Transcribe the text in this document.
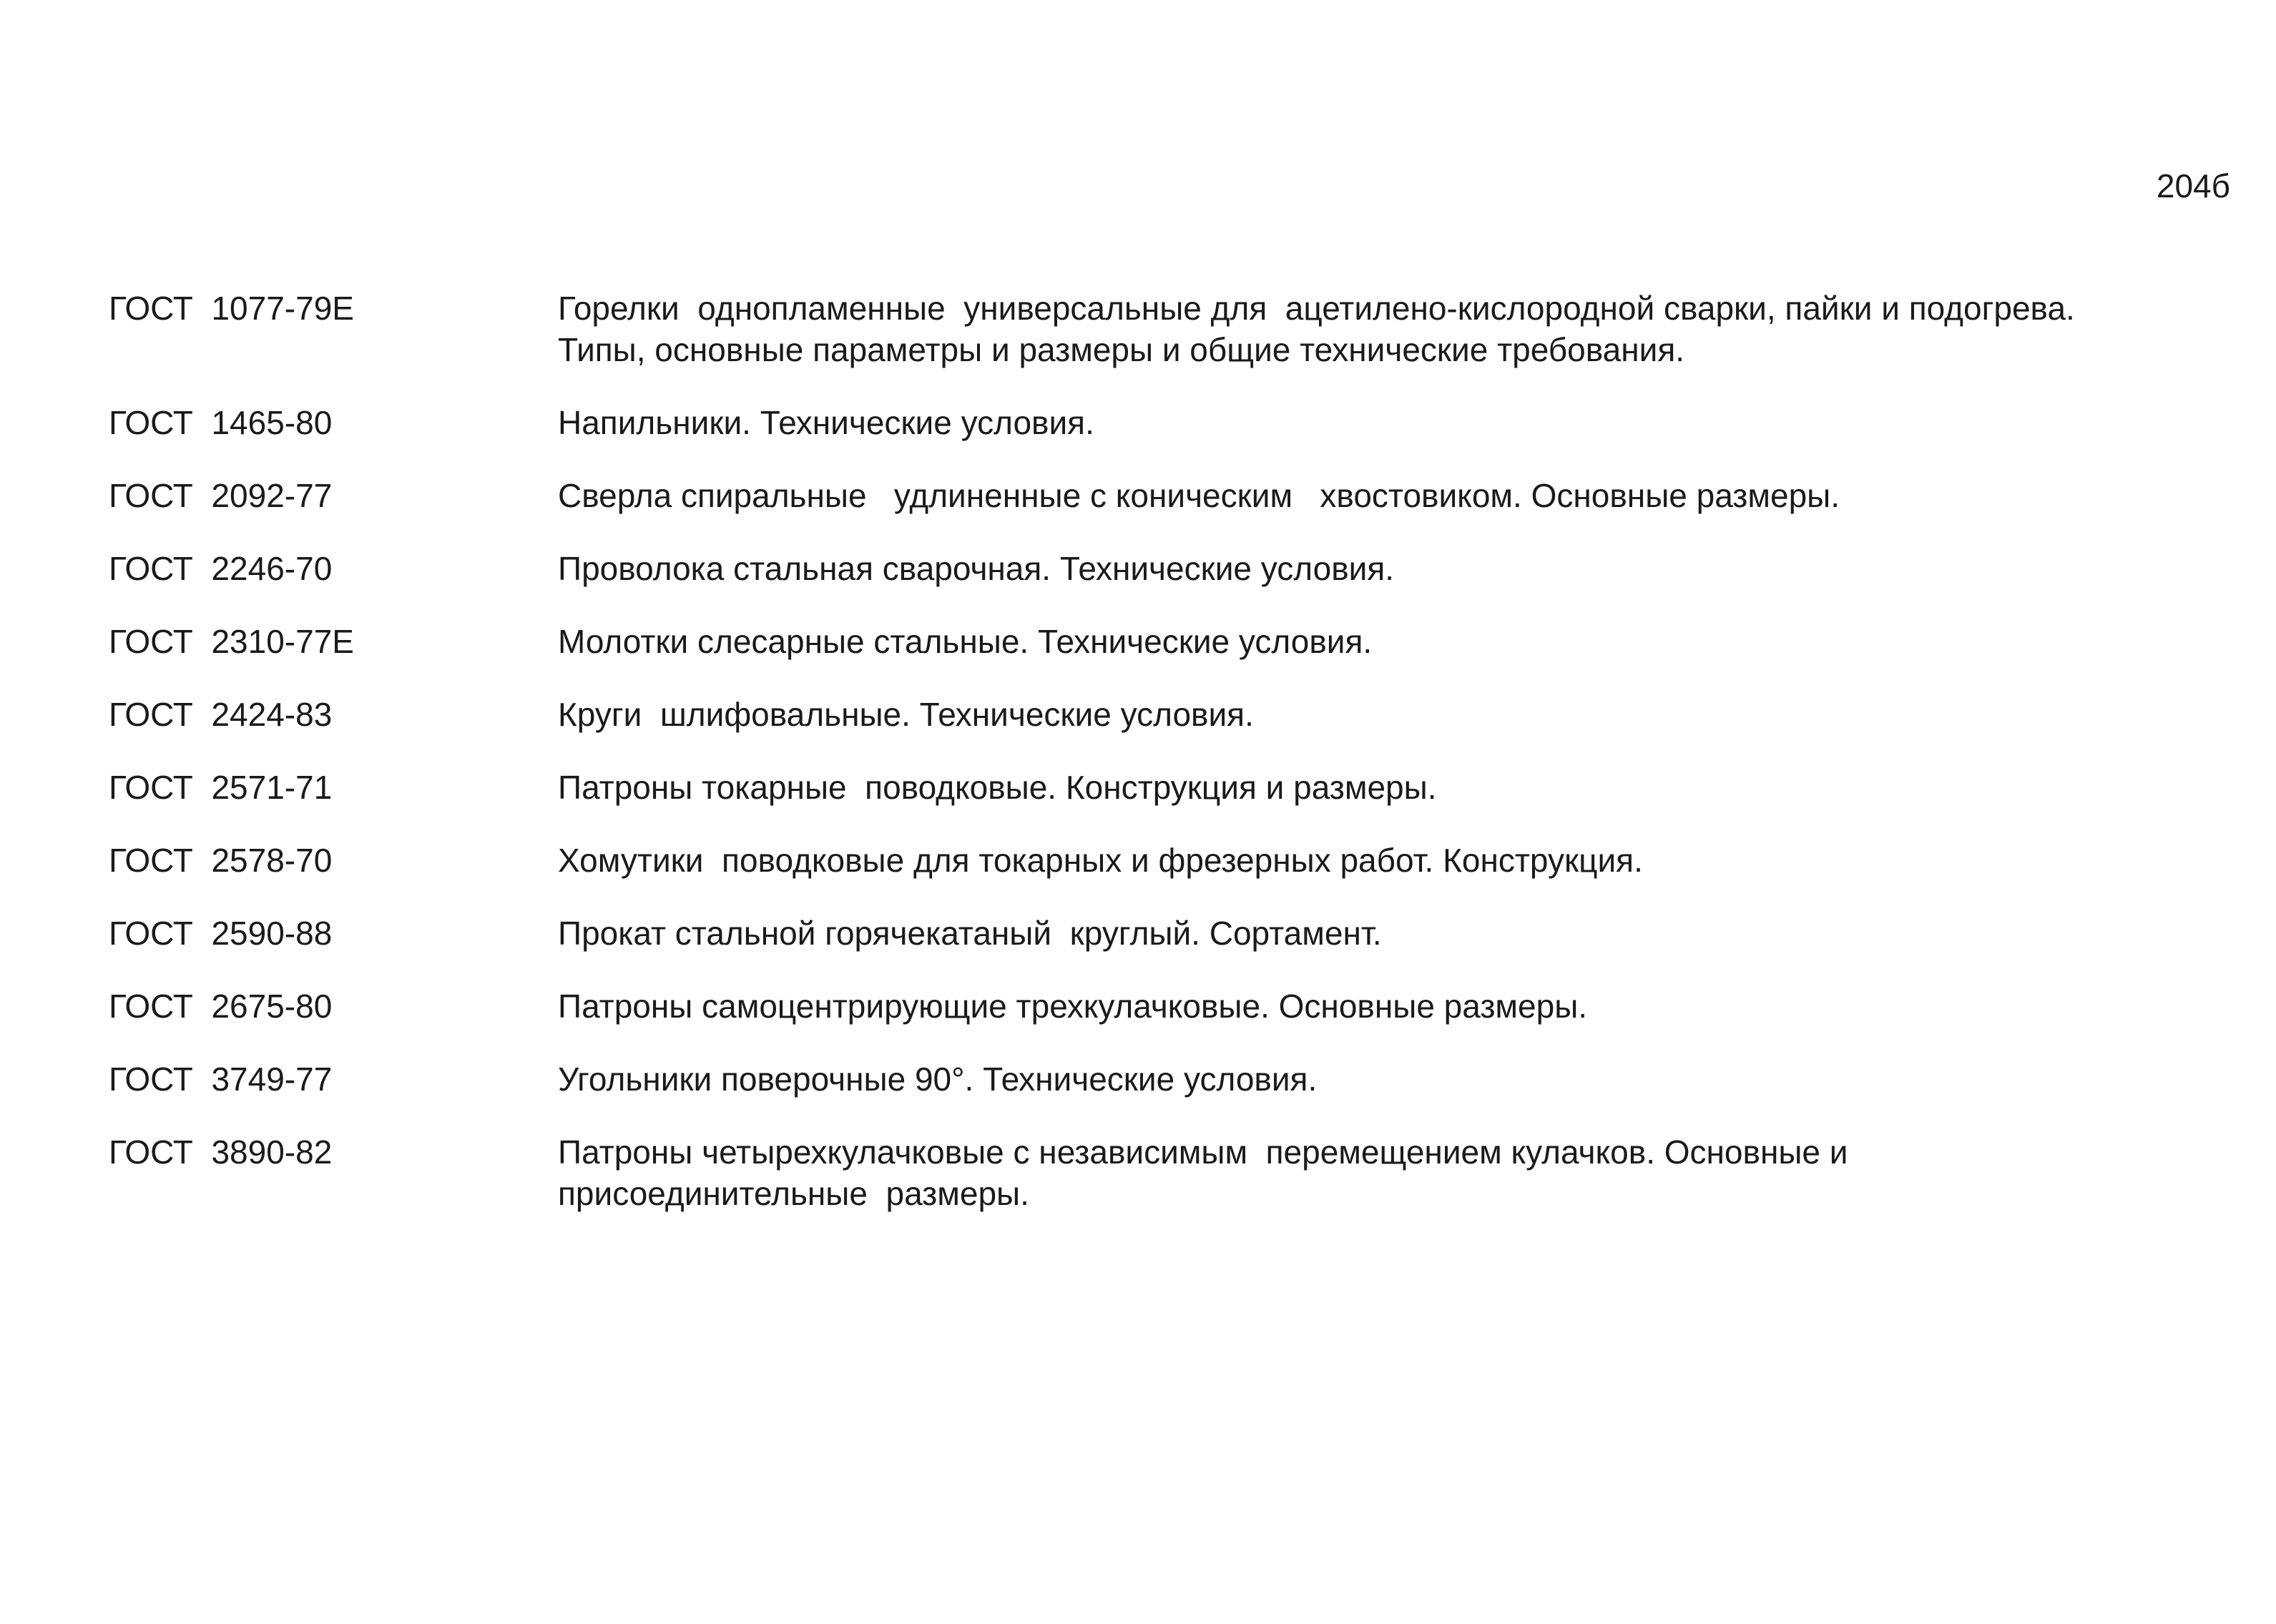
204б
ГОСТ  1077-79Е	Горелки  однопламенные  универсальные для  ацетилено-кислородной сварки, пайки и подогрева.
Типы, основные параметры и размеры и общие технические требования.
ГОСТ  1465-80	Напильники. Технические условия.
ГОСТ  2092-77	Сверла спиральные   удлиненные с коническим   хвостовиком. Основные размеры.
ГОСТ  2246-70	Проволока стальная сварочная. Технические условия.
ГОСТ  2310-77Е	Молотки слесарные стальные. Технические условия.
ГОСТ  2424-83	Круги  шлифовальные. Технические условия.
ГОСТ  2571-71	Патроны токарные  поводковые. Конструкция и размеры.
ГОСТ  2578-70	Хомутики  поводковые для токарных и фрезерных работ. Конструкция.
ГОСТ  2590-88	Прокат стальной горячекатаный  круглый. Сортамент.
ГОСТ  2675-80	Патроны самоцентрирующие трехкулачковые. Основные размеры.
ГОСТ  3749-77	Угольники поверочные 90°. Технические условия.
ГОСТ  3890-82	Патроны четырехкулачковые с независимым  перемещением кулачков. Основные и
присоединительные  размеры.
